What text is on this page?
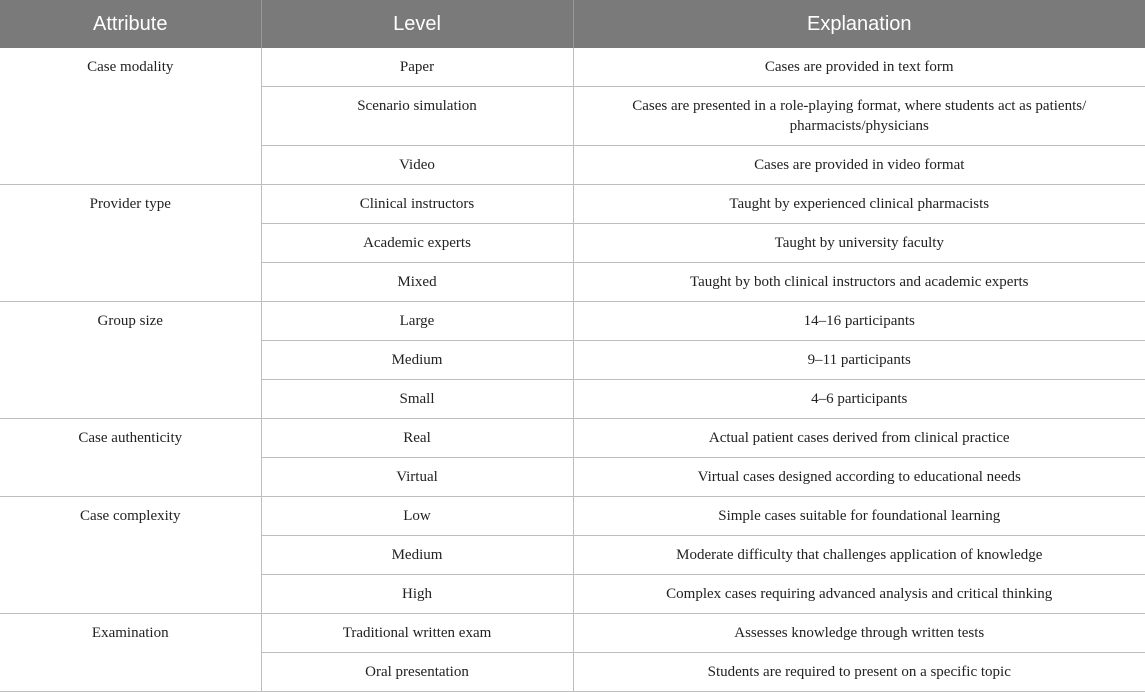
Attribute	Level	Explanation
Case modality	Paper	Cases are provided in text form
	Scenario simulation	Cases are presented in a role-playing format, where students act as patients/ pharmacists/physicians
	Video	Cases are provided in video format
Provider type	Clinical instructors	Taught by experienced clinical pharmacists
	Academic experts	Taught by university faculty
	Mixed	Taught by both clinical instructors and academic experts
Group size	Large	14–16 participants
	Medium	9–11 participants
	Small	4–6 participants
Case authenticity	Real	Actual patient cases derived from clinical practice
	Virtual	Virtual cases designed according to educational needs
Case complexity	Low	Simple cases suitable for foundational learning
	Medium	Moderate difficulty that challenges application of knowledge
	High	Complex cases requiring advanced analysis and critical thinking
Examination	Traditional written exam	Assesses knowledge through written tests
	Oral presentation	Students are required to present on a specific topic
